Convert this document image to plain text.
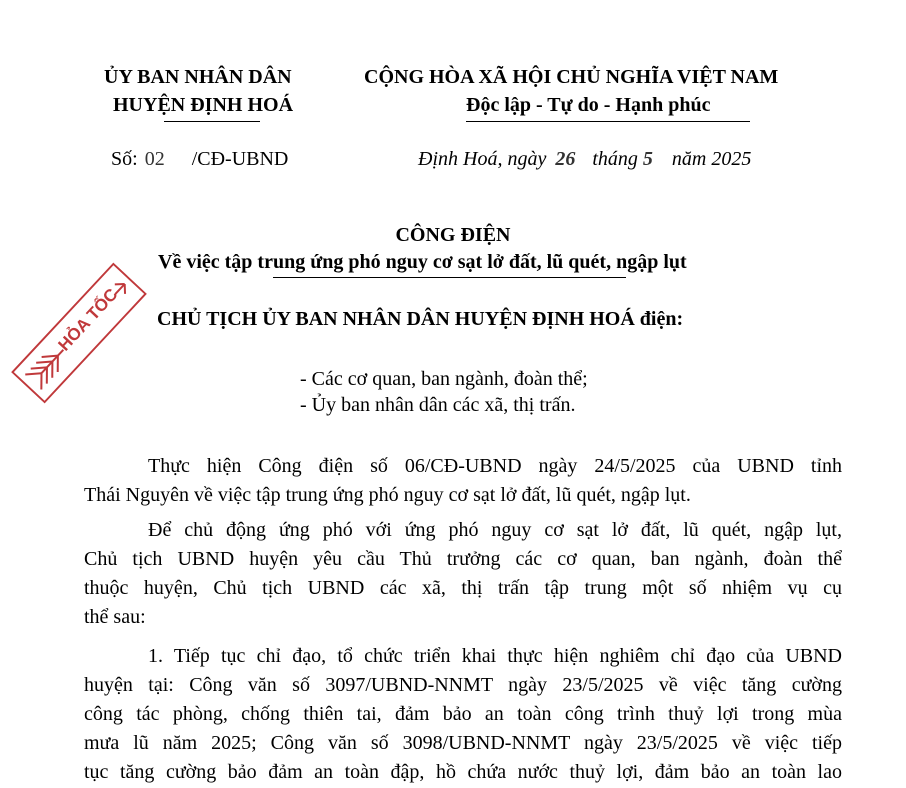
ỦY BAN NHÂN DÂN
HUYỆN ĐỊNH HOÁ
CỘNG HÒA XÃ HỘI CHỦ NGHĨA VIỆT NAM
Độc lập - Tự do - Hạnh phúc
Số: 02 /CĐ-UBND	Định Hoá, ngày 26 tháng 5 năm 2025
CÔNG ĐIỆN
Về việc tập trung ứng phó nguy cơ sạt lở đất, lũ quét, ngập lụt
HỎA TỐC CHỦ TỊCH ỦY BAN NHÂN DÂN HUYỆN ĐỊNH HOÁ điện:
- Các cơ quan, ban ngành, đoàn thể;
- Ủy ban nhân dân các xã, thị trấn.
Thực hiện Công điện số 06/CĐ-UBND ngày 24/5/2025 của UBND tỉnh
Thái Nguyên về việc tập trung ứng phó nguy cơ sạt lở đất, lũ quét, ngập lụt.
Để chủ động ứng phó với ứng phó nguy cơ sạt lở đất, lũ quét, ngập lụt,
Chủ tịch UBND huyện yêu cầu Thủ trưởng các cơ quan, ban ngành, đoàn thể
thuộc huyện, Chủ tịch UBND các xã, thị trấn tập trung một số nhiệm vụ cụ
thể sau:
1. Tiếp tục chỉ đạo, tổ chức triển khai thực hiện nghiêm chỉ đạo của UBND
huyện tại: Công văn số 3097/UBND-NNMT ngày 23/5/2025 về việc tăng cường
công tác phòng, chống thiên tai, đảm bảo an toàn công trình thuỷ lợi trong mùa
mưa lũ năm 2025; Công văn số 3098/UBND-NNMT ngày 23/5/2025 về việc tiếp
tục tăng cường bảo đảm an toàn đập, hồ chứa nước thuỷ lợi, đảm bảo an toàn lao
